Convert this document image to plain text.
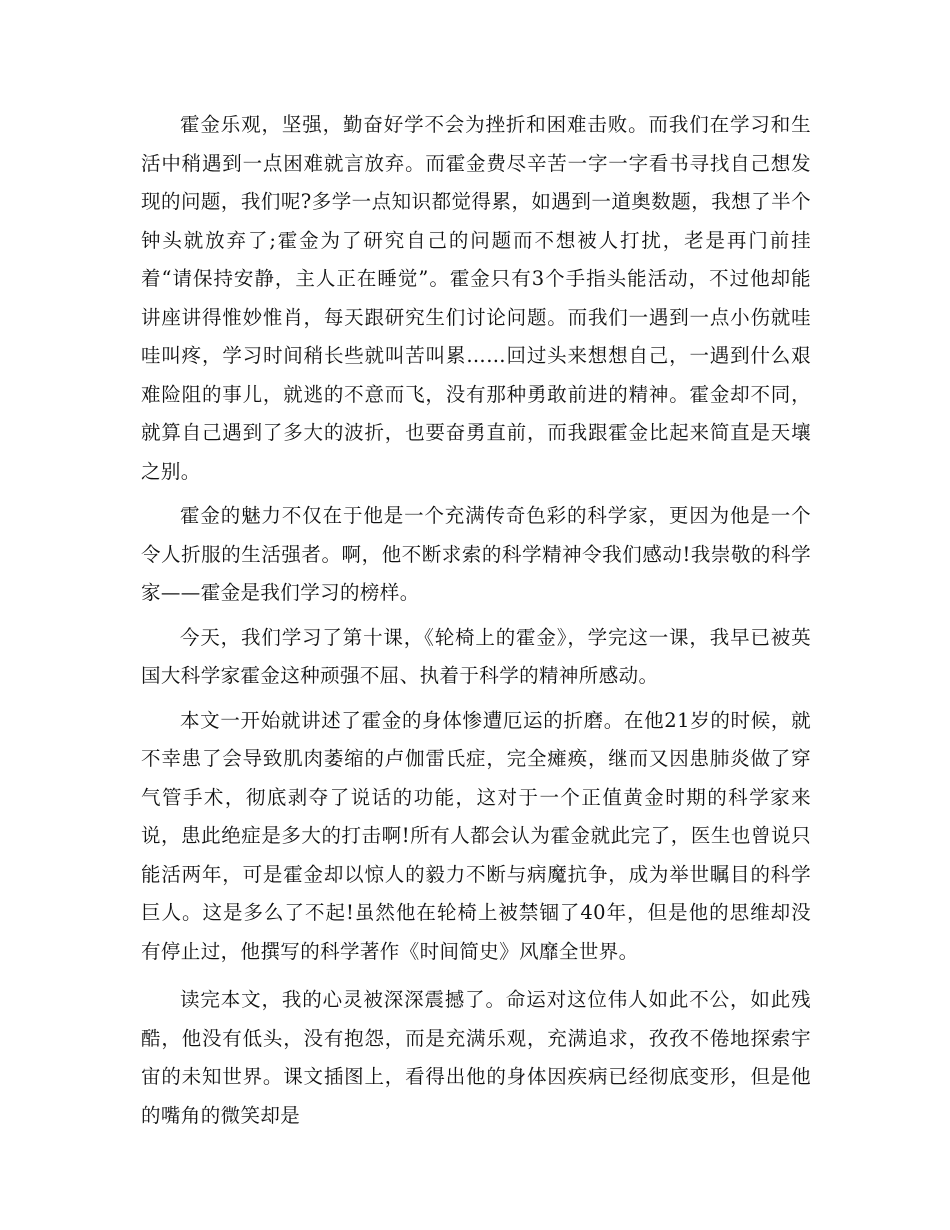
霍金乐观，坚强，勤奋好学不会为挫折和困难击败。而我们在学习和生活中稍遇到一点困难就言放弃。而霍金费尽辛苦一字一字看书寻找自己想发现的问题，我们呢?多学一点知识都觉得累，如遇到一道奥数题，我想了半个钟头就放弃了;霍金为了研究自己的问题而不想被人打扰，老是再门前挂着“请保持安静，主人正在睡觉”。霍金只有3个手指头能活动，不过他却能讲座讲得惟妙惟肖，每天跟研究生们讨论问题。而我们一遇到一点小伤就哇哇叫疼，学习时间稍长些就叫苦叫累……回过头来想想自己，一遇到什么艰难险阻的事儿，就逃的不意而飞，没有那种勇敢前进的精神。霍金却不同，就算自己遇到了多大的波折，也要奋勇直前，而我跟霍金比起来简直是天壤之别。

霍金的魅力不仅在于他是一个充满传奇色彩的科学家，更因为他是一个令人折服的生活强者。啊，他不断求索的科学精神令我们感动!我崇敬的科学家——霍金是我们学习的榜样。

今天，我们学习了第十课，《轮椅上的霍金》，学完这一课，我早已被英国大科学家霍金这种顽强不屈、执着于科学的精神所感动。

本文一开始就讲述了霍金的身体惨遭厄运的折磨。在他21岁的时候，就不幸患了会导致肌肉萎缩的卢伽雷氏症，完全瘫痪，继而又因患肺炎做了穿气管手术，彻底剥夺了说话的功能，这对于一个正值黄金时期的科学家来说，患此绝症是多大的打击啊!所有人都会认为霍金就此完了，医生也曾说只能活两年，可是霍金却以惊人的毅力不断与病魔抗争，成为举世瞩目的科学巨人。这是多么了不起!虽然他在轮椅上被禁锢了40年，但是他的思维却没有停止过，他撰写的科学著作《时间简史》风靡全世界。

读完本文，我的心灵被深深震撼了。命运对这位伟人如此不公，如此残酷，他没有低头，没有抱怨，而是充满乐观，充满追求，孜孜不倦地探索宇宙的未知世界。课文插图上，看得出他的身体因疾病已经彻底变形，但是他的嘴角的微笑却是
